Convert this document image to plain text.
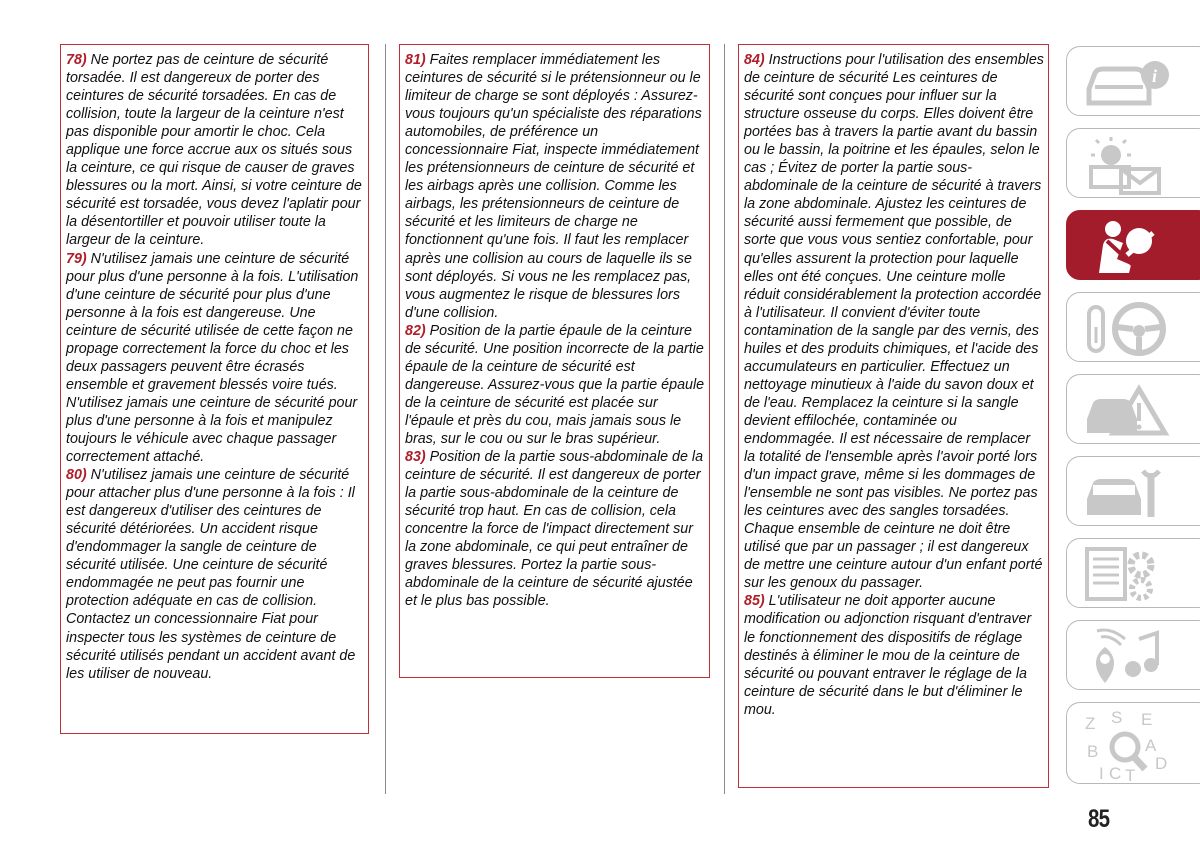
78) Ne portez pas de ceinture de sécurité torsadée. Il est dangereux de porter des ceintures de sécurité torsadées. En cas de collision, toute la largeur de la ceinture n'est pas disponible pour amortir le choc. Cela applique une force accrue aux os situés sous la ceinture, ce qui risque de causer de graves blessures ou la mort. Ainsi, si votre ceinture de sécurité est torsadée, vous devez l'aplatir pour la désentortiller et pouvoir utiliser toute la largeur de la ceinture.

79) N'utilisez jamais une ceinture de sécurité pour plus d'une personne à la fois. L'utilisation d'une ceinture de sécurité pour plus d'une personne à la fois est dangereuse. Une ceinture de sécurité utilisée de cette façon ne propage correctement la force du choc et les deux passagers peuvent être écrasés ensemble et gravement blessés voire tués. N'utilisez jamais une ceinture de sécurité pour plus d'une personne à la fois et manipulez toujours le véhicule avec chaque passager correctement attaché.

80) N'utilisez jamais une ceinture de sécurité pour attacher plus d'une personne à la fois : Il est dangereux d'utiliser des ceintures de sécurité détériorées. Un accident risque d'endommager la sangle de ceinture de sécurité utilisée. Une ceinture de sécurité endommagée ne peut pas fournir une protection adéquate en cas de collision. Contactez un concessionnaire Fiat pour inspecter tous les systèmes de ceinture de sécurité utilisés pendant un accident avant de les utiliser de nouveau.

81) Faites remplacer immédiatement les ceintures de sécurité si le prétensionneur ou le limiteur de charge se sont déployés : Assurez-vous toujours qu'un spécialiste des réparations automobiles, de préférence un concessionnaire Fiat, inspecte immédiatement les prétensionneurs de ceinture de sécurité et les airbags après une collision. Comme les airbags, les prétensionneurs de ceinture de sécurité et les limiteurs de charge ne fonctionnent qu'une fois. Il faut les remplacer après une collision au cours de laquelle ils se sont déployés. Si vous ne les remplacez pas, vous augmentez le risque de blessures lors d'une collision.

82) Position de la partie épaule de la ceinture de sécurité. Une position incorrecte de la partie épaule de la ceinture de sécurité est dangereuse. Assurez-vous que la partie épaule de la ceinture de sécurité est placée sur l'épaule et près du cou, mais jamais sous le bras, sur le cou ou sur le bras supérieur.

83) Position de la partie sous-abdominale de la ceinture de sécurité. Il est dangereux de porter la partie sous-abdominale de la ceinture de sécurité trop haut. En cas de collision, cela concentre la force de l'impact directement sur la zone abdominale, ce qui peut entraîner de graves blessures. Portez la partie sous-abdominale de la ceinture de sécurité ajustée et le plus bas possible.

84) Instructions pour l'utilisation des ensembles de ceinture de sécurité Les ceintures de sécurité sont conçues pour influer sur la structure osseuse du corps. Elles doivent être portées bas à travers la partie avant du bassin ou le bassin, la poitrine et les épaules, selon le cas ; Évitez de porter la partie sous-abdominale de la ceinture de sécurité à travers la zone abdominale. Ajustez les ceintures de sécurité aussi fermement que possible, de sorte que vous vous sentiez confortable, pour qu'elles assurent la protection pour laquelle elles ont été conçues. Une ceinture molle réduit considérablement la protection accordée à l'utilisateur. Il convient d'éviter toute contamination de la sangle par des vernis, des huiles et des produits chimiques, et l'acide des accumulateurs en particulier. Effectuez un nettoyage minutieux à l'aide du savon doux et de l'eau. Remplacez la ceinture si la sangle devient effilochée, contaminée ou endommagée. Il est nécessaire de remplacer la totalité de l'ensemble après l'avoir porté lors d'un impact grave, même si les dommages de l'ensemble ne sont pas visibles. Ne portez pas les ceintures avec des sangles torsadées. Chaque ensemble de ceinture ne doit être utilisé que par un passager ; il est dangereux de mettre une ceinture autour d'un enfant porté sur les genoux du passager.

85) L'utilisateur ne doit apporter aucune modification ou adjonction risquant d'entraver le fonctionnement des dispositifs de réglage destinés à éliminer le mou de la ceinture de sécurité ou pouvant entraver le réglage de la ceinture de sécurité dans le but d'éliminer le mou.

i
Z S E
B	A
D
I C T
85
